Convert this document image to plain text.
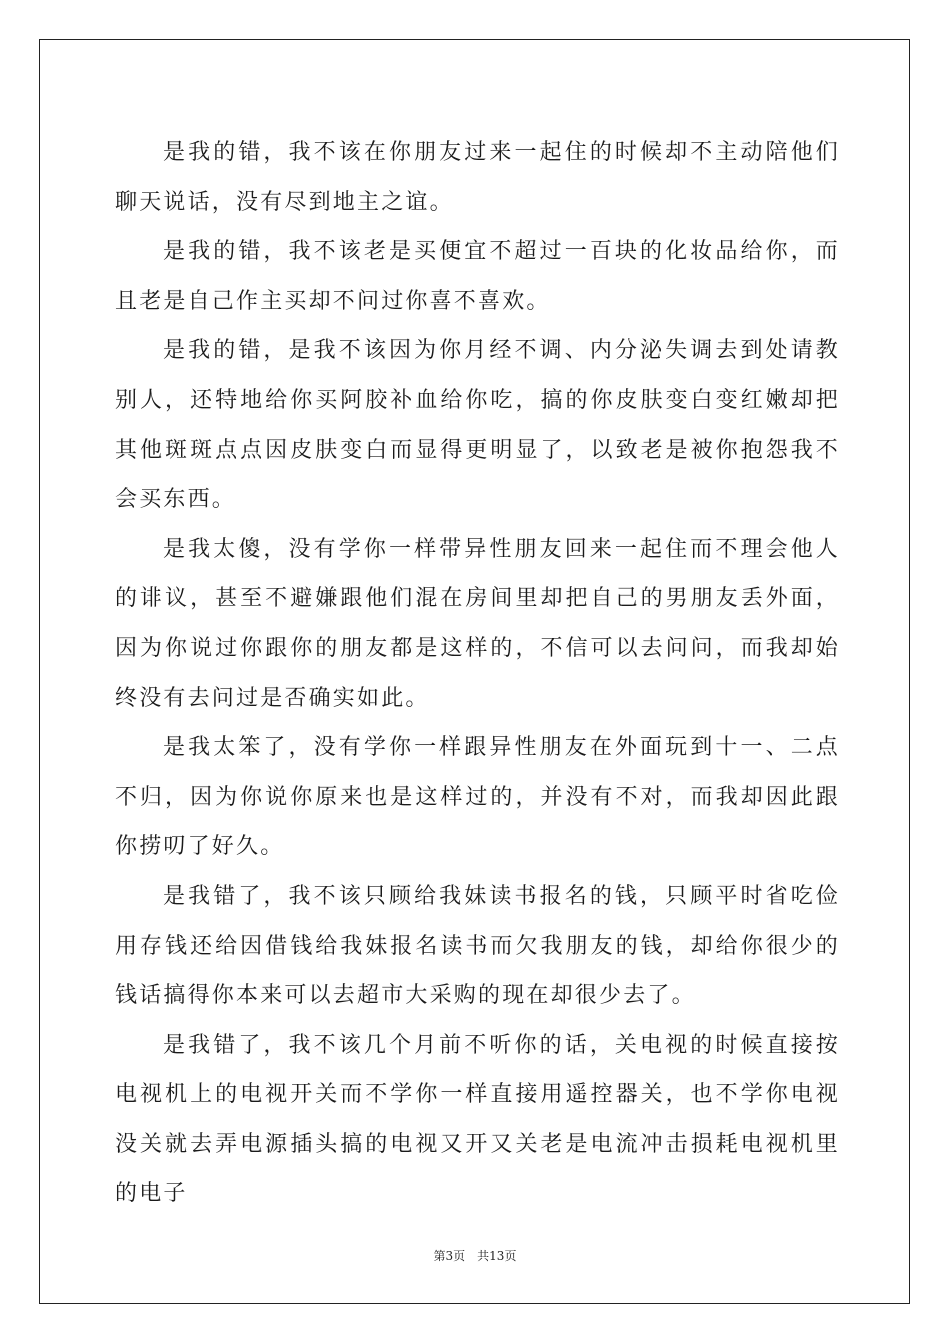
是我的错，我不该在你朋友过来一起住的时候却不主动陪他们聊天说话，没有尽到地主之谊。

是我的错，我不该老是买便宜不超过一百块的化妆品给你，而且老是自己作主买却不问过你喜不喜欢。

是我的错，是我不该因为你月经不调、内分泌失调去到处请教别人，还特地给你买阿胶补血给你吃，搞的你皮肤变白变红嫩却把其他斑斑点点因皮肤变白而显得更明显了，以致老是被你抱怨我不会买东西。

是我太傻，没有学你一样带异性朋友回来一起住而不理会他人的诽议，甚至不避嫌跟他们混在房间里却把自己的男朋友丢外面，因为你说过你跟你的朋友都是这样的，不信可以去问问，而我却始终没有去问过是否确实如此。

是我太笨了，没有学你一样跟异性朋友在外面玩到十一、二点不归，因为你说你原来也是这样过的，并没有不对，而我却因此跟你捞叨了好久。

是我错了，我不该只顾给我妹读书报名的钱，只顾平时省吃俭用存钱还给因借钱给我妹报名读书而欠我朋友的钱，却给你很少的钱话搞得你本来可以去超市大采购的现在却很少去了。

是我错了，我不该几个月前不听你的话，关电视的时候直接按电视机上的电视开关而不学你一样直接用遥控器关，也不学你电视没关就去弄电源插头搞的电视又开又关老是电流冲击损耗电视机里的电子

第3页 共13页
